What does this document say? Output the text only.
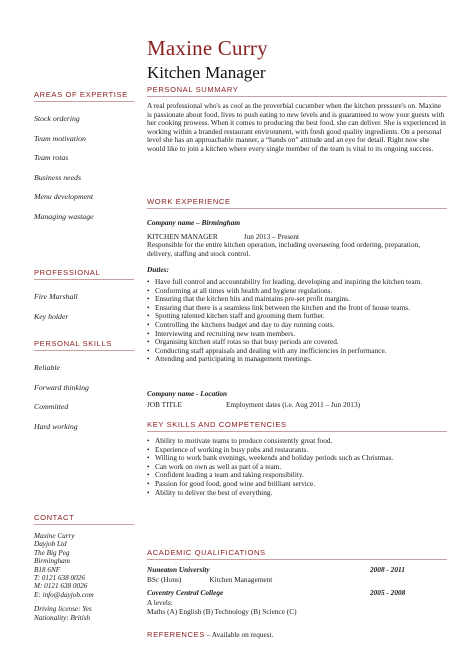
Maxine Curry
Kitchen Manager
AREAS OF EXPERTISE
Stock ordering
Team motivation
Team rotas
Business needs
Menu development
Managing wastage
PROFESSIONAL
Fire Marshall
Key holder
PERSONAL SKILLS
Reliable
Forward thinking
Committed
Hard working
CONTACT
Maxine Curry
Dayjob Ltd
The Big Peg
Birmingham
B18 6NF
T: 0121 638 0026
M: 0121 638 0026
E: info@dayjob.com
Driving license: Yes
Nationality: British
PERSONAL SUMMARY

A real professional who's as cool as the proverbial cucumber when the kitchen pressure's on. Maxine is passionate about food, lives to push eating to new levels and is guaranteed to wow your guests with her cooking prowess. When it comes to producing the best food, she can deliver. She is experienced in working within a branded restaurant environment, with fresh good quality ingredients. On a personal level she has an approachable manner, a “hands on” attitude and an eye for detail. Right now she would like to join a kitchen where every single member of the team is vital to its ongoing success.

WORK EXPERIENCE
Company name – Birmingham
KITCHEN MANAGER	Jun 2013 – Present

Responsible for the entire kitchen operation, including overseeing food ordering, preparation, delivery, staffing and stock control.

Duties:
• Have full control and accountability for leading, developing and inspiring the kitchen team.
• Conforming at all times with health and hygiene regulations.
• Ensuring that the kitchen hits and maintains pre-set profit margins.
• Ensuring that there is a seamless link between the kitchen and the front of house teams.
• Spotting talented kitchen staff and grooming them further.
• Controlling the kitchens budget and day to day running costs.
• Interviewing and recruiting new team members.
• Organising kitchen staff rotas so that busy periods are covered.
• Conducting staff appraisals and dealing with any inefficiencies in performance.
• Attending and participating in management meetings.
Company name - Location
JOB TITLE	Employment dates (i.e. Aug 2011 – Jun 2013)
KEY SKILLS AND COMPETENCIES
• Ability to motivate teams to produce consistently great food.
• Experience of working in busy pubs and restaurants.
• Willing to work bank evenings, weekends and holiday periods such as Christmas.
• Can work on own as well as part of a team.
• Confident leading a team and taking responsibility.
• Passion for good food, good wine and brilliant service.
• Ability to deliver the best of everything.
ACADEMIC QUALIFICATIONS
Nuneaton University	2008 - 2011
BSc (Hons)	Kitchen Management
Coventry Central College	2005 - 2008
A levels:
Maths (A) English (B) Technology (B) Science (C)
REFERENCES – Available on request.
